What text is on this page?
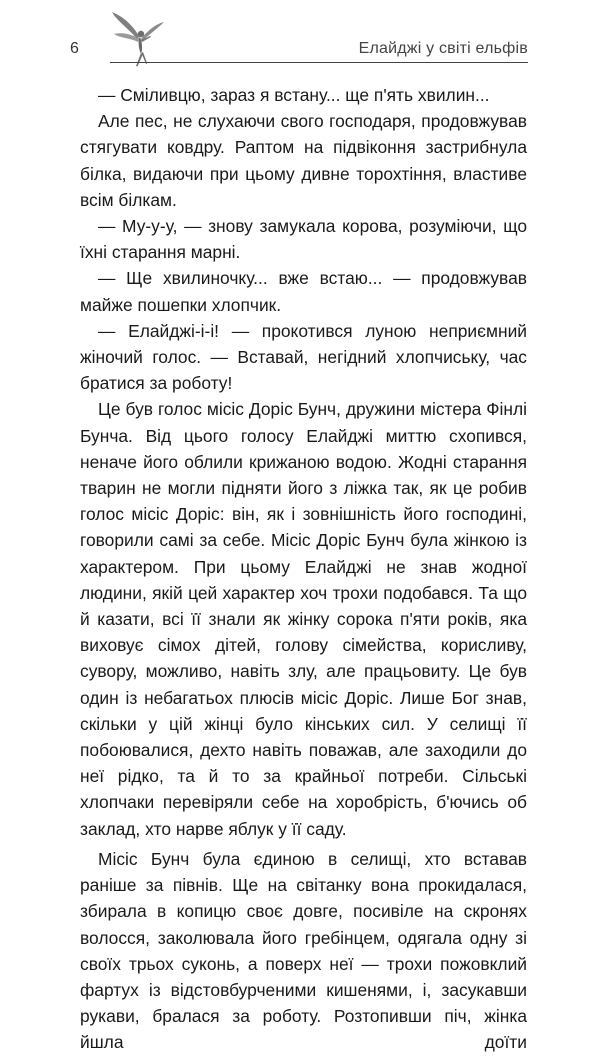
6	Елайджі у світі ельфів

— Сміливцю, зараз я встану... ще п'ять хвилин...

Але пес, не слухаючи свого господаря, продовжував стягувати ковдру. Раптом на підвіконня застрибнула білка, видаючи при цьому дивне торохтіння, властиве всім білкам.

— Му-у-у, — знову замукала корова, розуміючи, що їхні старання марні.

— Ще хвилиночку... вже встаю... — продовжував майже пошепки хлопчик.

— Елайджі-і-і! — прокотився луною неприємний жіночий голос. — Вставай, негідний хлопчиську, час братися за роботу!

Це був голос місіс Доріс Бунч, дружини містера Фінлі Бунча. Від цього голосу Елайджі миттю схопився, неначе його облили крижаною водою. Жодні старання тварин не могли підняти його з ліжка так, як це робив голос місіс Доріс: він, як і зовнішність його господині, говорили самі за себе. Місіс Доріс Бунч була жінкою із характером. При цьому Елайджі не знав жодної людини, якій цей характер хоч трохи подобався. Та що й казати, всі її знали як жінку сорока п'яти років, яка виховує сімох дітей, голову сімейства, корисливу, сувору, можливо, навіть злу, але працьовиту. Це був один із небагатьох плюсів місіс Доріс. Лише Бог знав, скільки у цій жінці було кінських сил. У селищі її побоювалися, дехто навіть поважав, але заходили до неї рідко, та й то за крайньої потреби. Сільські хлопчаки перевіряли себе на хоробрість, б'ючись об заклад, хто нарве яблук у її саду.

Місіс Бунч була єдиною в селищі, хто вставав раніше за півнів. Ще на світанку вона прокидалася, збирала в копицю своє довге, посивіле на скронях волосся, заколювала його гребінцем, одягала одну зі своїх трьох суконь, а поверх неї — трохи пожовклий фартух із відстовбурченими кишенями, і, засукавши рукави, бралася за роботу. Розтопивши піч, жінка йшла доїти
